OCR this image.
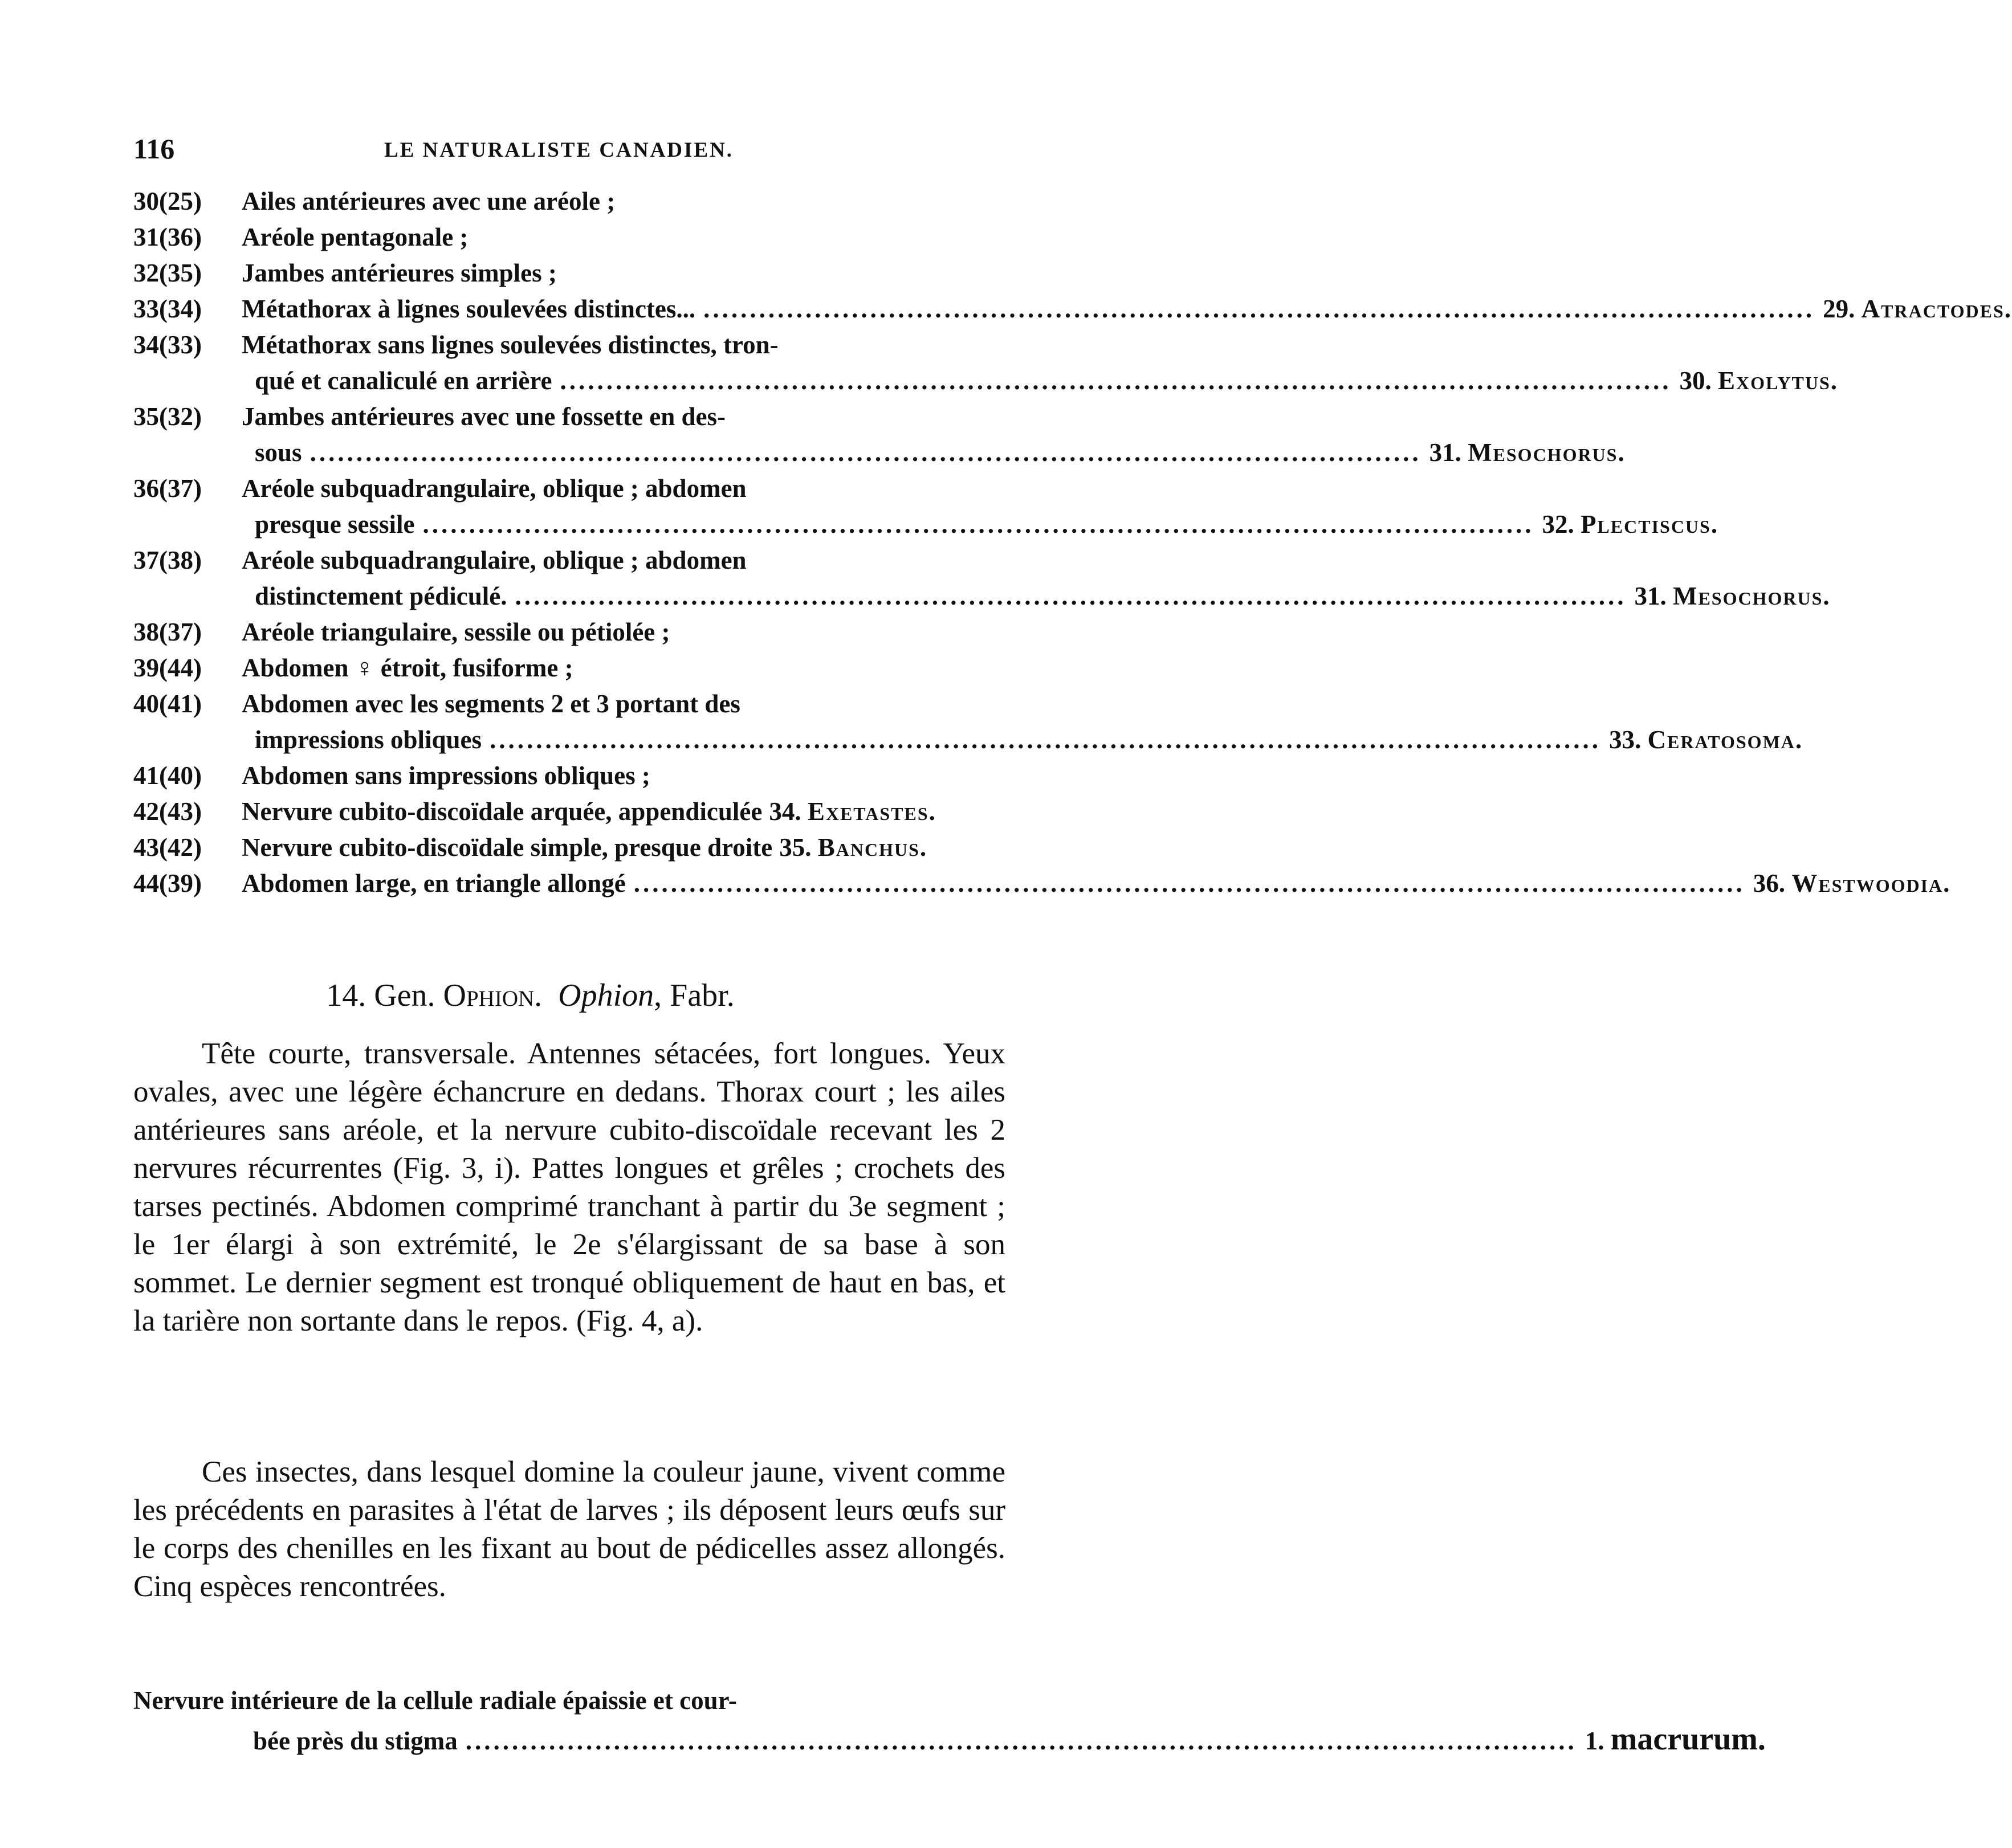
116	LE NATURALISTE CANADIEN.
30(25)	Ailes antérieures avec une aréole ;
31(36)	Aréole pentagonale ;
32(35)	Jambes antérieures simples ;
33(34)	Métathorax à lignes soulevées distinctes... ........................................................................................................................ 29. Atractodes.
34(33)	Métathorax sans lignes soulevées distinctes, tron-
qué et canaliculé en arrière ........................................................................................................................ 30. Exolytus.
35(32)	Jambes antérieures avec une fossette en des-
sous ........................................................................................................................ 31. Mesochorus.
36(37)	Aréole subquadrangulaire, oblique ; abdomen
presque sessile ........................................................................................................................ 32. Plectiscus.
37(38)	Aréole subquadrangulaire, oblique ; abdomen
distinctement pédiculé. ........................................................................................................................ 31. Mesochorus.
38(37)	Aréole triangulaire, sessile ou pétiolée ;
39(44)	Abdomen ♀ étroit, fusiforme ;
40(41)	Abdomen avec les segments 2 et 3 portant des
impressions obliques ........................................................................................................................ 33. Ceratosoma.
41(40)	Abdomen sans impressions obliques ;
42(43)	Nervure cubito-discoïdale arquée, appendiculée 34. Exetastes.
43(42)	Nervure cubito-discoïdale simple, presque droite 35. Banchus.
44(39)	Abdomen large, en triangle allongé ........................................................................................................................ 36. Westwoodia.
14. Gen. Ophion. Ophion, Fabr.

Tête courte, transversale. Antennes sétacées, fort longues. Yeux ovales, avec une légère échancrure en dedans. Thorax court ; les ailes antérieures sans aréole, et la nervure cubito-discoïdale recevant les 2 nervures récurrentes (Fig. 3, i). Pattes longues et grêles ; crochets des tarses pectinés. Abdomen comprimé tranchant à partir du 3e segment ; le 1er élargi à son extrémité, le 2e s'élargissant de sa base à son sommet. Le dernier segment est tronqué obliquement de haut en bas, et la tarière non sortante dans le repos. (Fig. 4, a).

Ces insectes, dans lesquel domine la couleur jaune, vivent comme les précédents en parasites à l'état de larves ; ils déposent leurs œufs sur le corps des chenilles en les fixant au bout de pédicelles assez allongés. Cinq espèces rencontrées.

Nervure intérieure de la cellule radiale épaissie et cour-
bée près du stigma ........................................................................................................................ 1. macrurum.
